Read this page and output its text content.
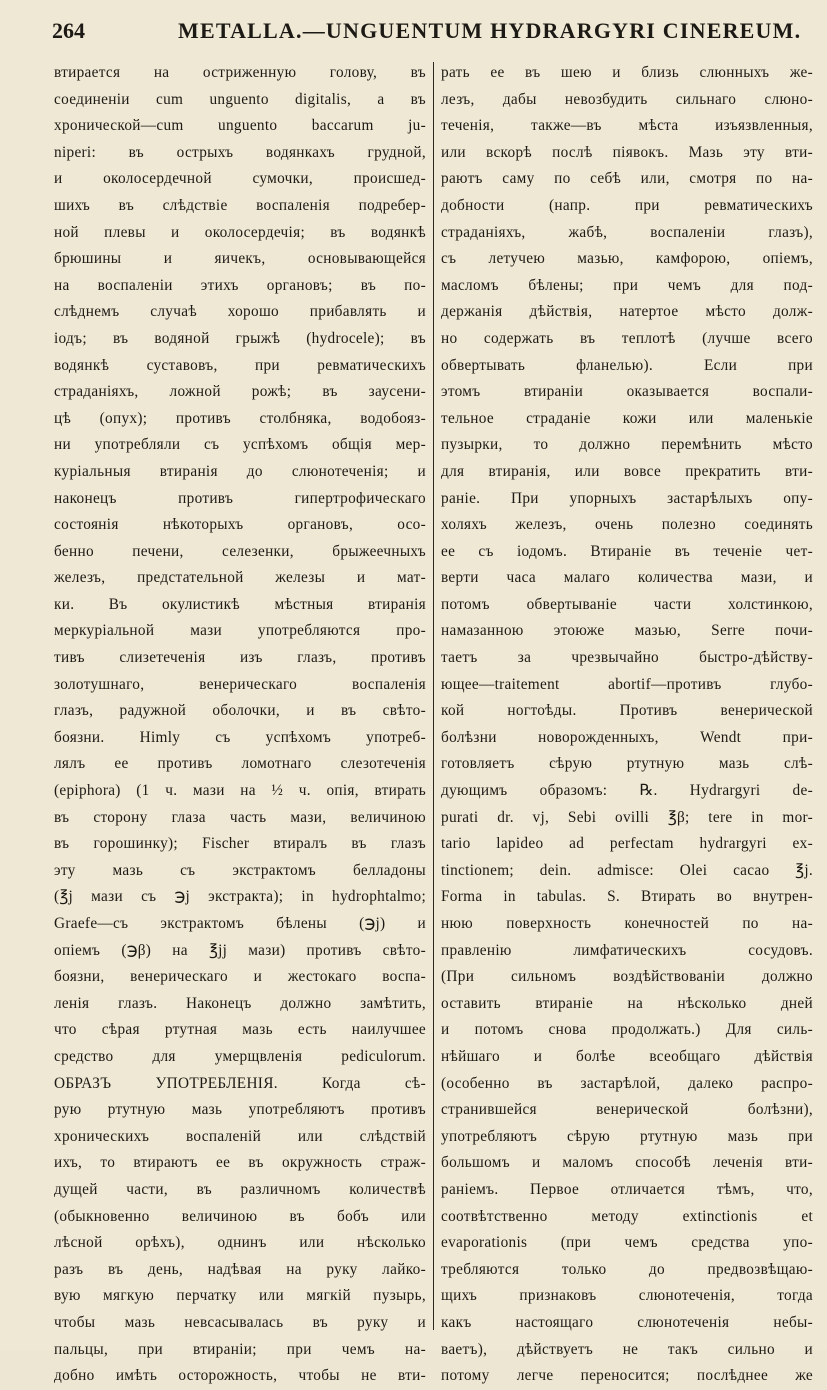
264	METALLA.—UNGUENTUM HYDRARGYRI CINEREUM.
втирается на остриженную голову, въ
соединенiи cum unguento digitalis, а въ
хронической—cum unguento baccarum ju-
niperi: въ острыхъ водянкахъ грудной,
и околосердечной сумочки, происшед-
шихъ въ слѣдствiе воспаленiя подребер-
ной плевы и околосердечiя; въ водянкѣ
брюшины и яичекъ, основывающейся
на воспаленiи этихъ органовъ; въ по-
слѣднемъ случаѣ хорошо прибавлять и
iодъ; въ водяной грыжѣ (hydrocele); въ
водянкѣ суставовъ, при ревматическихъ
страданiяхъ, ложной рожѣ; въ заусени-
цѣ (опух); противъ столбняка, водобояз-
ни употребляли съ успѣхомъ общiя мер-
курiальныя втиранiя до слюнотеченiя; и
наконецъ противъ гипертрофическаго
состоянiя нѣкоторыхъ органовъ, осо-
бенно печени, селезенки, брыжеечныхъ
железъ, предстательной железы и мат-
ки. Въ окулистикѣ мѣстныя втиранiя
меркурiальной мази употребляются про-
тивъ слизетеченiя изъ глазъ, противъ
золотушнаго, венерическаго воспаленiя
глазъ, радужной оболочки, и въ свѣто-
боязни. Himly съ успѣхомъ употреб-
лялъ ее противъ ломотнаго слезотеченiя
(epiphora) (1 ч. мази на ½ ч. опiя, втирать
въ сторону глаза часть мази, величиною
въ горошинку); Fischer втиралъ въ глазъ
эту мазь съ экстрактомъ белладоны
(℥j мази съ ℈j экстракта); in hydrophtalmo;
Graefe—съ экстрактомъ бѣлены (℈j) и
опiемъ (℈β) на ℥jj мази) противъ свѣто-
боязни, венерическаго и жестокаго воспа-
ленiя глазъ. Наконецъ должно замѣтить,
что сѣрая ртутная мазь есть наилучшее
средство для умерщвленiя pediculorum.
ОБРАЗЪ УПОТРЕБЛЕНIЯ. Когда сѣ-
рую ртутную мазь употребляютъ противъ
хроническихъ воспаленiй или слѣдствiй
ихъ, то втираютъ ее въ окружность страж-
дущей части, въ различномъ количествѣ
(обыкновенно величиною въ бобъ или
лѣсной орѣхъ), однинъ или нѣсколько
разъ въ день, надѣвая на руку лайко-
вую мягкую перчатку или мягкiй пузырь,
чтобы мазь невсасывалась въ руку и
пальцы, при втиранiи; при чемъ на-
добно имѣть осторожность, чтобы не вти-
рать ее въ шею и близь слюнныхъ же-
лезъ, дабы невозбудить сильнаго слюно-
теченiя, также—въ мѣста изъязвленныя,
или вскорѣ послѣ пiявокъ. Мазь эту вти-
раютъ саму по себѣ или, смотря по на-
добности (напр. при ревматическихъ
страданiяхъ, жабѣ, воспаленiи глазъ),
съ летучею мазью, камфорою, опiемъ,
масломъ бѣлены; при чемъ для под-
держанiя дѣйствiя, натертое мѣсто долж-
но содержать въ теплотѣ (лучше всего
обвертывать фланелью). Если при
этомъ втиранiи оказывается воспали-
тельное страданiе кожи или маленькiе
пузырки, то должно перемѣнить мѣсто
для втиранiя, или вовсе прекратить вти-
ранiе. При упорныхъ застарѣлыхъ опу-
холяхъ железъ, очень полезно соединять
ее съ iодомъ. Втиранiе въ теченiе чет-
верти часа малаго количества мази, и
потомъ обвертыванiе части холстинкою,
намазанною этоюже мазью, Serre почи-
таетъ за чрезвычайно быстро-дѣйству-
ющее—traitement abortif—противъ глубо-
кой ногтоѣды. Противъ венерической
болѣзни новорожденныхъ, Wendt при-
готовляетъ сѣрую ртутную мазь слѣ-
дующимъ образомъ: ℞. Hydrargyri de-
purati dr. vj, Sebi ovilli ℥β; tere in mor-
tario lapideo ad perfectam hydrargyri ex-
tinctionem; dein. admisce: Olei cacao ℥j.
Forma in tabulas. S. Втирать во внутрен-
нюю поверхность конечностей по на-
правленiю лимфатическихъ сосудовъ.
(При сильномъ воздѣйствованiи должно
оставить втиранiе на нѣсколько дней
и потомъ снова продолжать.) Для силь-
нѣйшаго и болѣе всеобщаго дѣйствiя
(особенно въ застарѣлой, далеко распро-
странившейся венерической болѣзни),
употребляютъ сѣрую ртутную мазь при
большомъ и маломъ способѣ леченiя вти-
ранiемъ. Первое отличается тѣмъ, что,
соотвѣтственно методу extinctionis et
evaporationis (при чемъ средства упо-
требляются только до предвозвѣщаю-
щихъ признаковъ слюнотеченiя, тогда
какъ настоящаго слюнотеченiя небы-
ваетъ), дѣйствуетъ не такъ сильно и
потому легче переносится; послѣднее же
